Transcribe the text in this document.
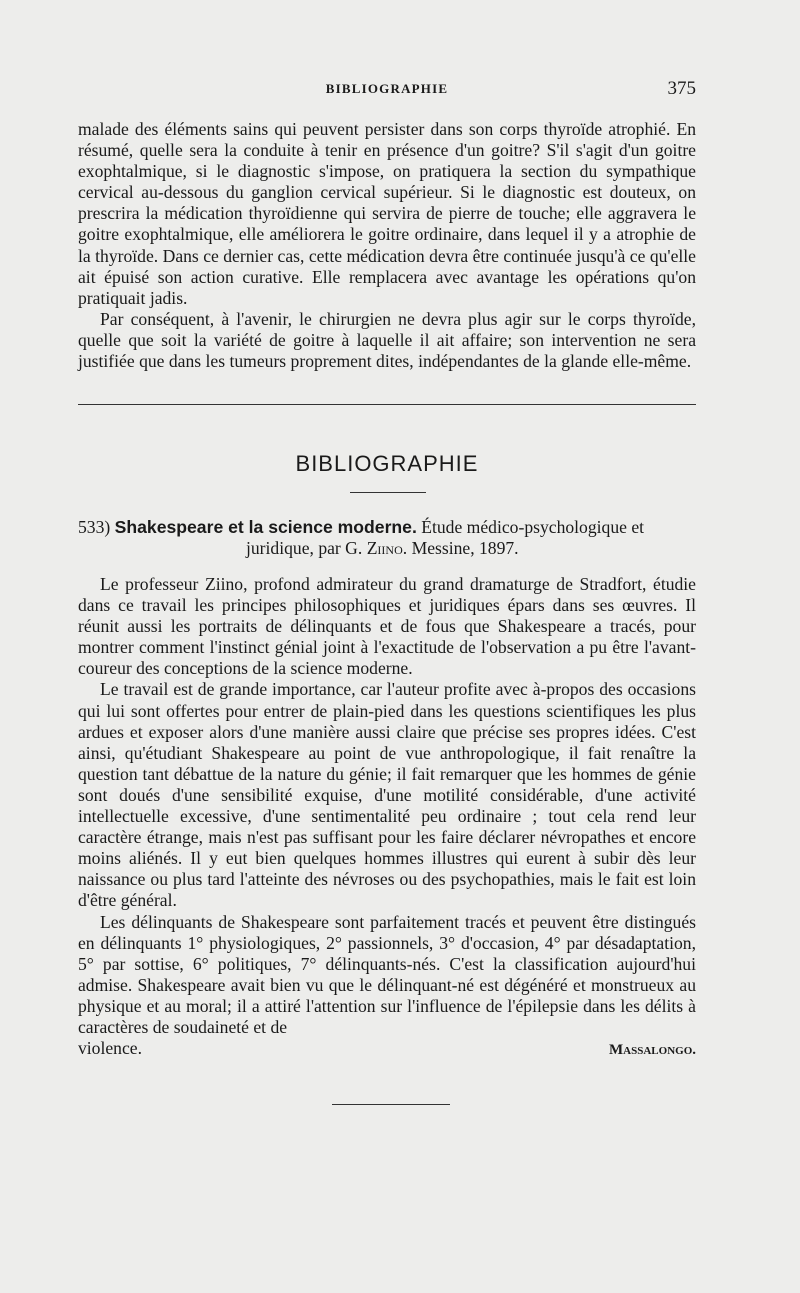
BIBLIOGRAPHIE	375

malade des éléments sains qui peuvent persister dans son corps thyroïde atrophié. En résumé, quelle sera la conduite à tenir en présence d'un goitre? S'il s'agit d'un goitre exophtalmique, si le diagnostic s'impose, on pratiquera la section du sympathique cervical au-dessous du ganglion cervical supérieur. Si le diagnostic est douteux, on prescrira la médication thyroïdienne qui servira de pierre de touche; elle aggravera le goitre exophtalmique, elle améliorera le goitre ordinaire, dans lequel il y a atrophie de la thyroïde. Dans ce dernier cas, cette médication devra être continuée jusqu'à ce qu'elle ait épuisé son action curative. Elle remplacera avec avantage les opérations qu'on pratiquait jadis.

Par conséquent, à l'avenir, le chirurgien ne devra plus agir sur le corps thyroïde, quelle que soit la variété de goitre à laquelle il ait affaire; son intervention ne sera justifiée que dans les tumeurs proprement dites, indépendantes de la glande elle-même.

BIBLIOGRAPHIE
533) Shakespeare et la science moderne. Étude médico-psychologique et
juridique, par G. Ziino. Messine, 1897.

Le professeur Ziino, profond admirateur du grand dramaturge de Stradfort, étudie dans ce travail les principes philosophiques et juridiques épars dans ses œuvres. Il réunit aussi les portraits de délinquants et de fous que Shakespeare a tracés, pour montrer comment l'instinct génial joint à l'exactitude de l'observation a pu être l'avant-coureur des conceptions de la science moderne.

Le travail est de grande importance, car l'auteur profite avec à-propos des occasions qui lui sont offertes pour entrer de plain-pied dans les questions scientifiques les plus ardues et exposer alors d'une manière aussi claire que précise ses propres idées. C'est ainsi, qu'étudiant Shakespeare au point de vue anthropologique, il fait renaître la question tant débattue de la nature du génie; il fait remarquer que les hommes de génie sont doués d'une sensibilité exquise, d'une motilité considérable, d'une activité intellectuelle excessive, d'une sentimentalité peu ordinaire ; tout cela rend leur caractère étrange, mais n'est pas suffisant pour les faire déclarer névropathes et encore moins aliénés. Il y eut bien quelques hommes illustres qui eurent à subir dès leur naissance ou plus tard l'atteinte des névroses ou des psychopathies, mais le fait est loin d'être général.

Les délinquants de Shakespeare sont parfaitement tracés et peuvent être distingués en délinquants 1° physiologiques, 2° passionnels, 3° d'occasion, 4° par désadaptation, 5° par sottise, 6° politiques, 7° délinquants-nés. C'est la classification aujourd'hui admise. Shakespeare avait bien vu que le délinquant-né est dégénéré et monstrueux au physique et au moral; il a attiré l'attention sur l'influence de l'épilepsie dans les délits à caractères de soudaineté et de

violence.	Massalongo.
